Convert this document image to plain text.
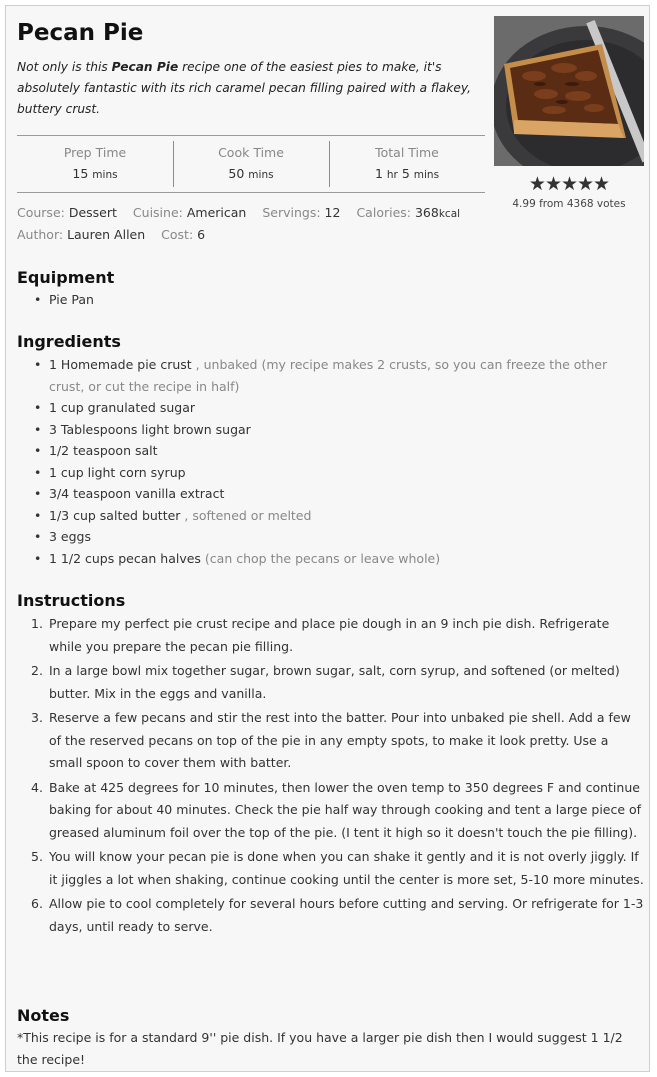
Pecan Pie

Not only is this Pecan Pie recipe one of the easiest pies to make, it's absolutely fantastic with its rich caramel pecan filling paired with a flakey, buttery crust.

Prep Time
15 mins
Cook Time
50 mins
Total Time
1 hr 5 mins	★★★★★
4.99 from 4368 votes
Course: Dessert Cuisine: American Servings: 12 Calories: 368kcal
Author: Lauren Allen Cost: 6
Equipment
• Pie Pan
Ingredients
• 1 Homemade pie crust , unbaked (my recipe makes 2 crusts, so you can freeze the other crust, or cut the recipe in half)
• 1 cup granulated sugar
• 3 Tablespoons light brown sugar
• 1/2 teaspoon salt
• 1 cup light corn syrup
• 3/4 teaspoon vanilla extract
• 1/3 cup salted butter , softened or melted
• 3 eggs
• 1 1/2 cups pecan halves (can chop the pecans or leave whole)
Instructions
1. Prepare my perfect pie crust recipe and place pie dough in an 9 inch pie dish. Refrigerate while you prepare the pecan pie filling.
2. In a large bowl mix together sugar, brown sugar, salt, corn syrup, and softened (or melted) butter. Mix in the eggs and vanilla.
3. Reserve a few pecans and stir the rest into the batter. Pour into unbaked pie shell. Add a few of the reserved pecans on top of the pie in any empty spots, to make it look pretty. Use a small spoon to cover them with batter.
4. Bake at 425 degrees for 10 minutes, then lower the oven temp to 350 degrees F and continue baking for about 40 minutes. Check the pie half way through cooking and tent a large piece of greased aluminum foil over the top of the pie. (I tent it high so it doesn't touch the pie filling).
5. You will know your pecan pie is done when you can shake it gently and it is not overly jiggly. If it jiggles a lot when shaking, continue cooking until the center is more set, 5-10 more minutes.
6. Allow pie to cool completely for several hours before cutting and serving. Or refrigerate for 1-3 days, until ready to serve.
Notes

*This recipe is for a standard 9'' pie dish. If you have a larger pie dish then I would suggest 1 1/2 the recipe!
